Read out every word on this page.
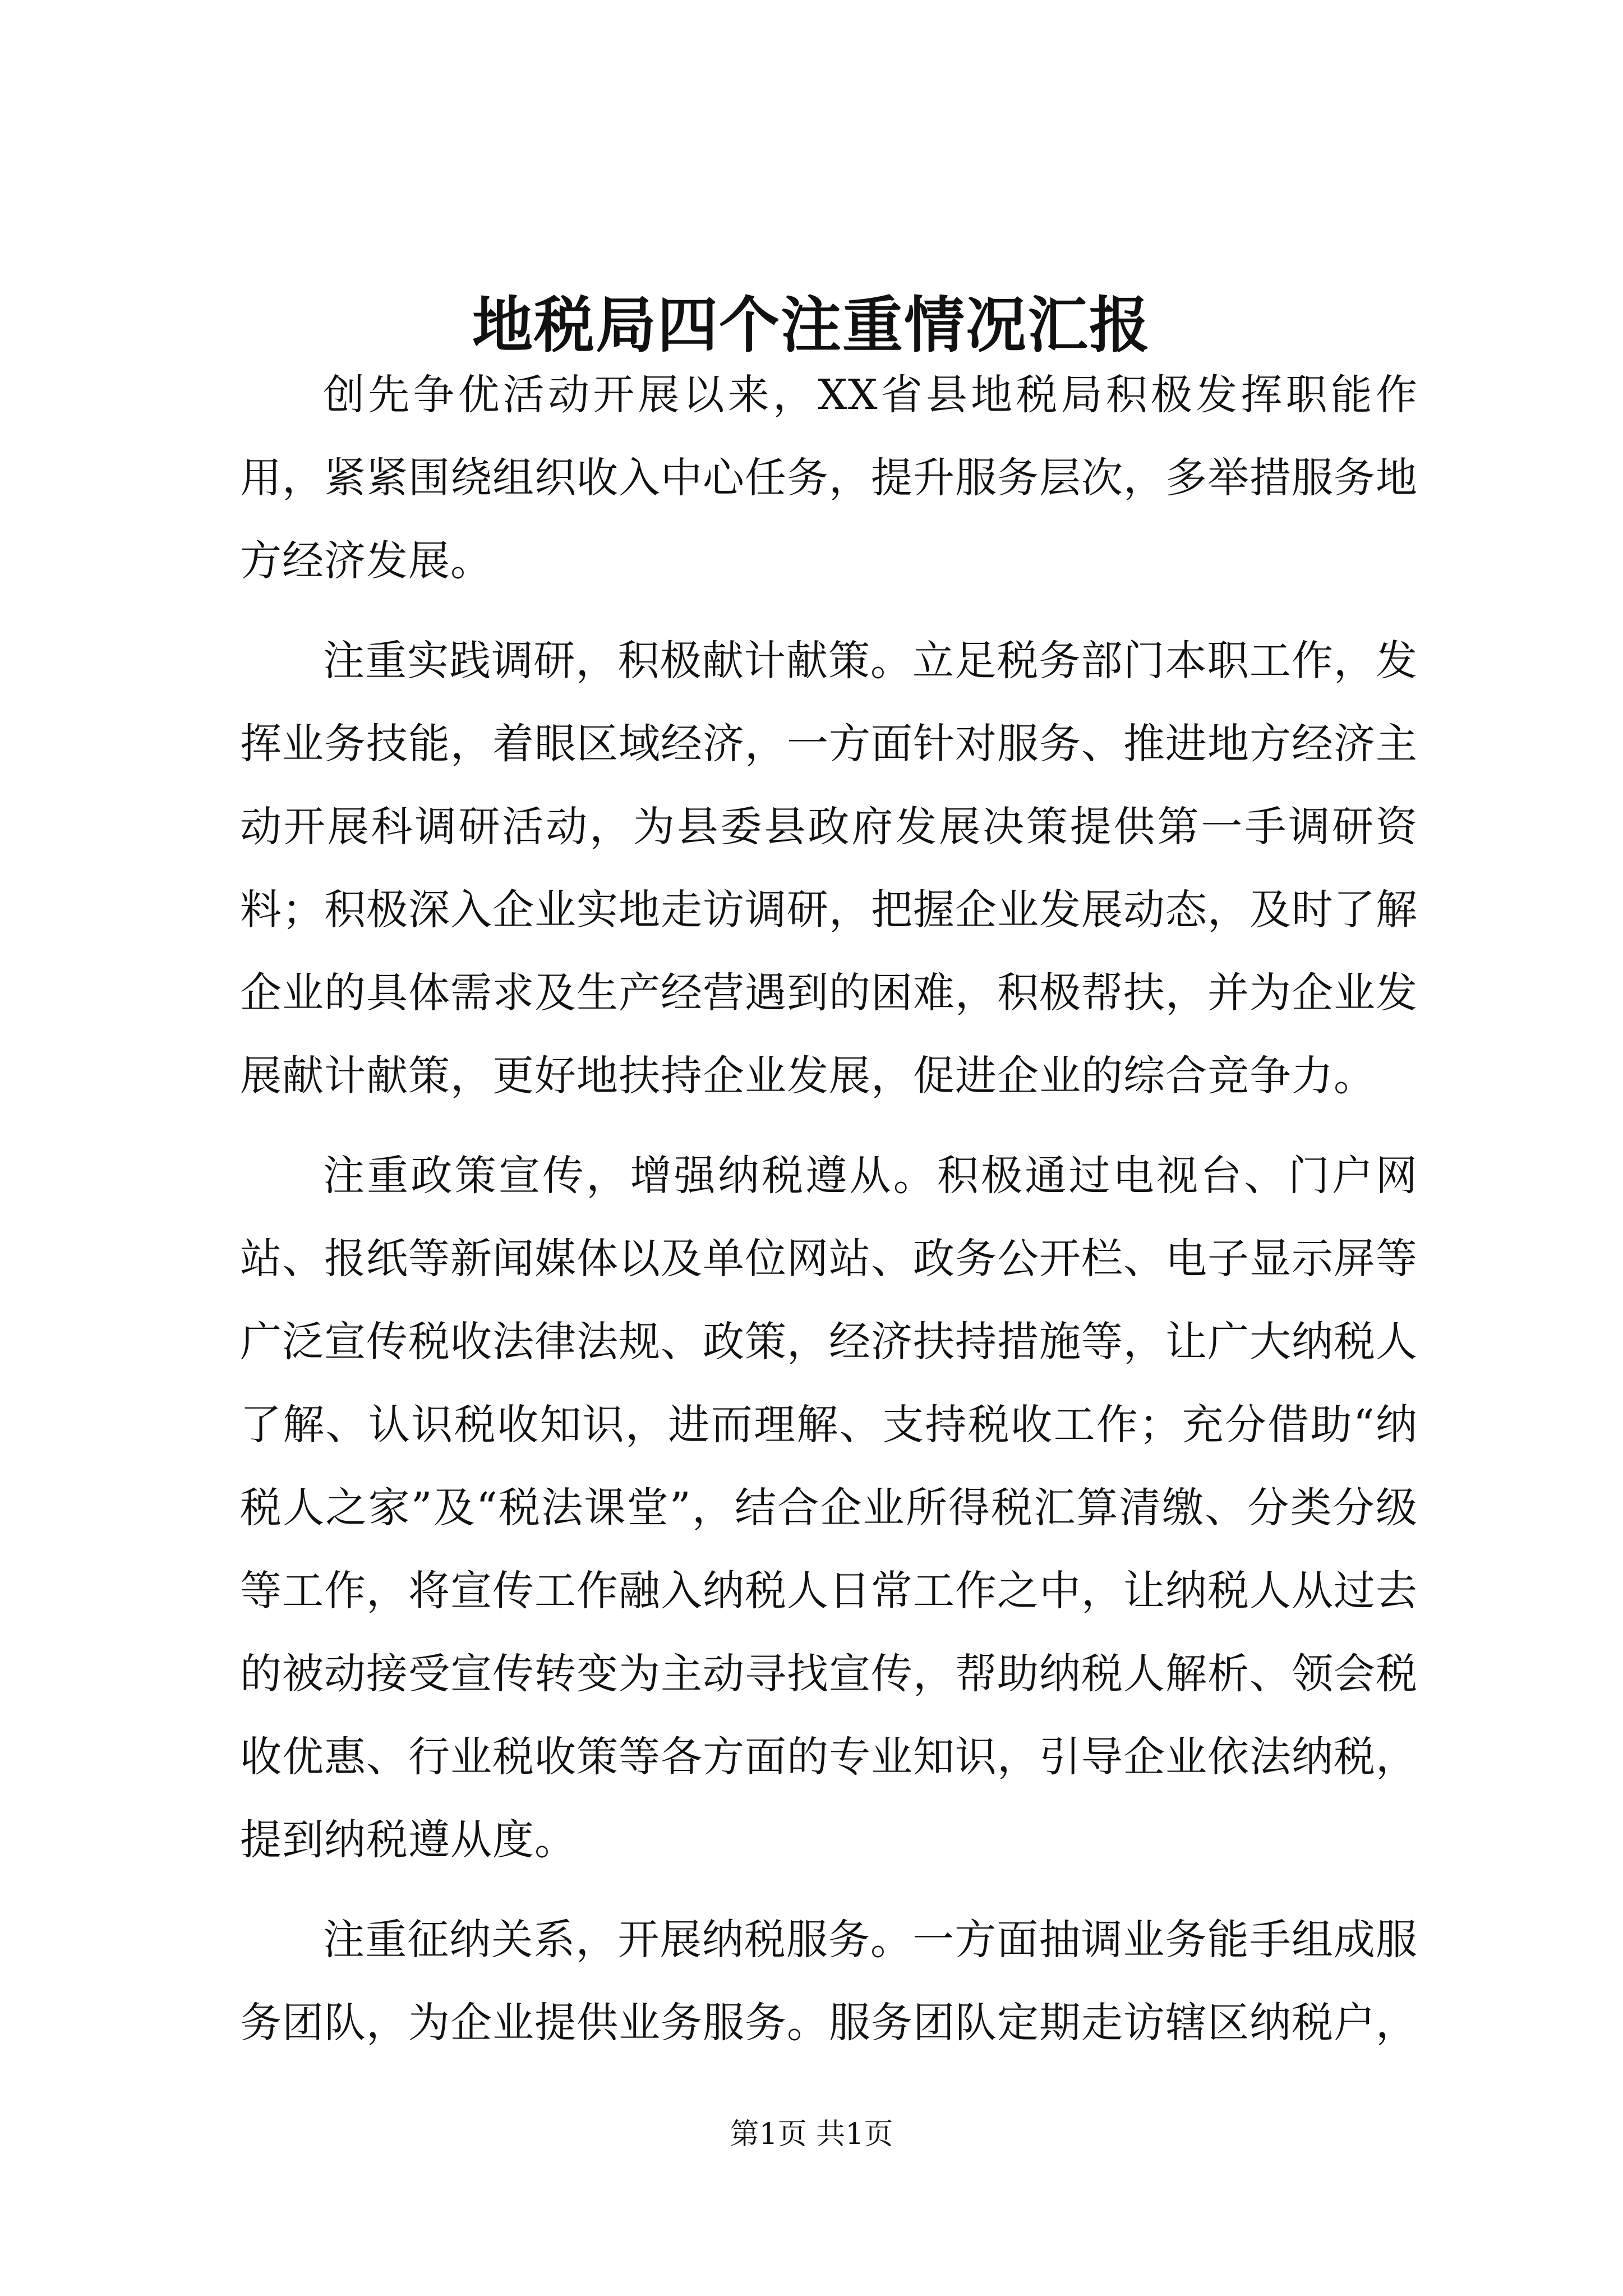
地税局四个注重情况汇报

创先争优活动开展以来，XX省县地税局积极发挥职能作用，紧紧围绕组织收入中心任务，提升服务层次，多举措服务地方经济发展。

注重实践调研，积极献计献策。立足税务部门本职工作，发挥业务技能，着眼区域经济，一方面针对服务、推进地方经济主动开展科调研活动，为县委县政府发展决策提供第一手调研资料；积极深入企业实地走访调研，把握企业发展动态，及时了解企业的具体需求及生产经营遇到的困难，积极帮扶，并为企业发展献计献策，更好地扶持企业发展，促进企业的综合竞争力。

注重政策宣传，增强纳税遵从。积极通过电视台、门户网站、报纸等新闻媒体以及单位网站、政务公开栏、电子显示屏等广泛宣传税收法律法规、政策，经济扶持措施等，让广大纳税人了解、认识税收知识，进而理解、支持税收工作；充分借助“纳税人之家”及“税法课堂”，结合企业所得税汇算清缴、分类分级等工作，将宣传工作融入纳税人日常工作之中，让纳税人从过去的被动接受宣传转变为主动寻找宣传，帮助纳税人解析、领会税收优惠、行业税收策等各方面的专业知识，引导企业依法纳税，提到纳税遵从度。

注重征纳关系，开展纳税服务。一方面抽调业务能手组成服务团队，为企业提供业务服务。服务团队定期走访辖区纳税户，

第1页 共1页
